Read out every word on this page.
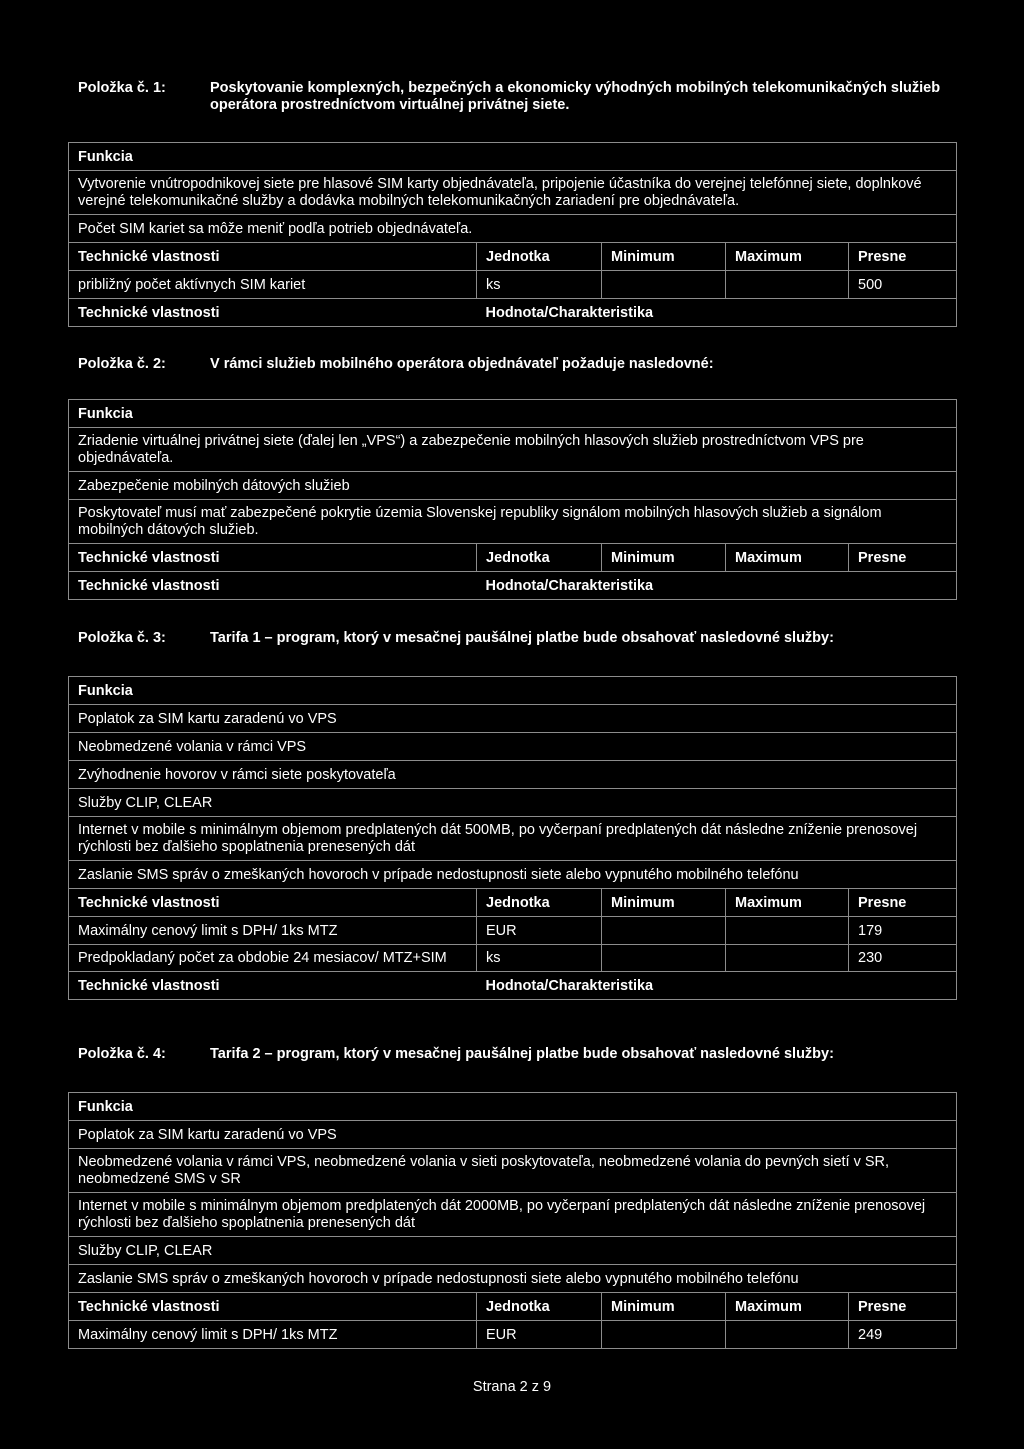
Položka č. 1:	Poskytovanie komplexných, bezpečných a ekonomicky výhodných mobilných telekomunikačných služieb operátora prostredníctvom virtuálnej privátnej siete.
Funkcia				
Vytvorenie vnútropodnikovej siete pre hlasové SIM karty objednávateľa, pripojenie účastníka do verejnej telefónnej siete, doplnkové verejné telekomunikačné služby a dodávka mobilných telekomunikačných zariadení pre objednávateľa.				
Počet SIM kariet sa môže meniť podľa potrieb objednávateľa.				
Technické vlastnosti	Jednotka	Minimum	Maximum	Presne
približný počet aktívnych SIM kariet	ks			500
Technické vlastnosti	Hodnota/Charakteristika			
Položka č. 2:	V rámci služieb mobilného operátora objednávateľ požaduje nasledovné:
Funkcia				
Zriadenie virtuálnej privátnej siete (ďalej len „VPS“) a zabezpečenie mobilných hlasových služieb prostredníctvom VPS pre objednávateľa.				
Zabezpečenie mobilných dátových služieb				
Poskytovateľ musí mať zabezpečené pokrytie územia Slovenskej republiky signálom mobilných hlasových služieb a signálom mobilných dátových služieb.				
Technické vlastnosti	Jednotka	Minimum	Maximum	Presne
Technické vlastnosti	Hodnota/Charakteristika			
Položka č. 3:	Tarifa 1 – program, ktorý v mesačnej paušálnej platbe bude obsahovať nasledovné služby:
Funkcia				
Poplatok za SIM kartu zaradenú vo VPS				
Neobmedzené volania v rámci VPS				
Zvýhodnenie hovorov v rámci siete poskytovateľa				
Služby CLIP, CLEAR				
Internet v mobile s minimálnym objemom predplatených dát 500MB, po vyčerpaní predplatených dát následne zníženie prenosovej rýchlosti bez ďalšieho spoplatnenia prenesených dát				
Zaslanie SMS správ o zmeškaných hovoroch v prípade nedostupnosti siete alebo vypnutého mobilného telefónu				
Technické vlastnosti	Jednotka	Minimum	Maximum	Presne
Maximálny cenový limit s DPH/ 1ks MTZ	EUR			179
Predpokladaný počet za obdobie 24 mesiacov/ MTZ+SIM	ks			230
Technické vlastnosti	Hodnota/Charakteristika			
Položka č. 4:	Tarifa 2 – program, ktorý v mesačnej paušálnej platbe bude obsahovať nasledovné služby:
Funkcia				
Poplatok za SIM kartu zaradenú vo VPS				
Neobmedzené volania v rámci VPS, neobmedzené volania v sieti poskytovateľa, neobmedzené volania do pevných sietí v SR, neobmedzené SMS v SR				
Internet v mobile s minimálnym objemom predplatených dát 2000MB, po vyčerpaní predplatených dát následne zníženie prenosovej rýchlosti bez ďalšieho spoplatnenia prenesených dát				
Služby CLIP, CLEAR				
Zaslanie SMS správ o zmeškaných hovoroch v prípade nedostupnosti siete alebo vypnutého mobilného telefónu				
Technické vlastnosti	Jednotka	Minimum	Maximum	Presne
Maximálny cenový limit s DPH/ 1ks MTZ	EUR			249
Strana 2 z 9
